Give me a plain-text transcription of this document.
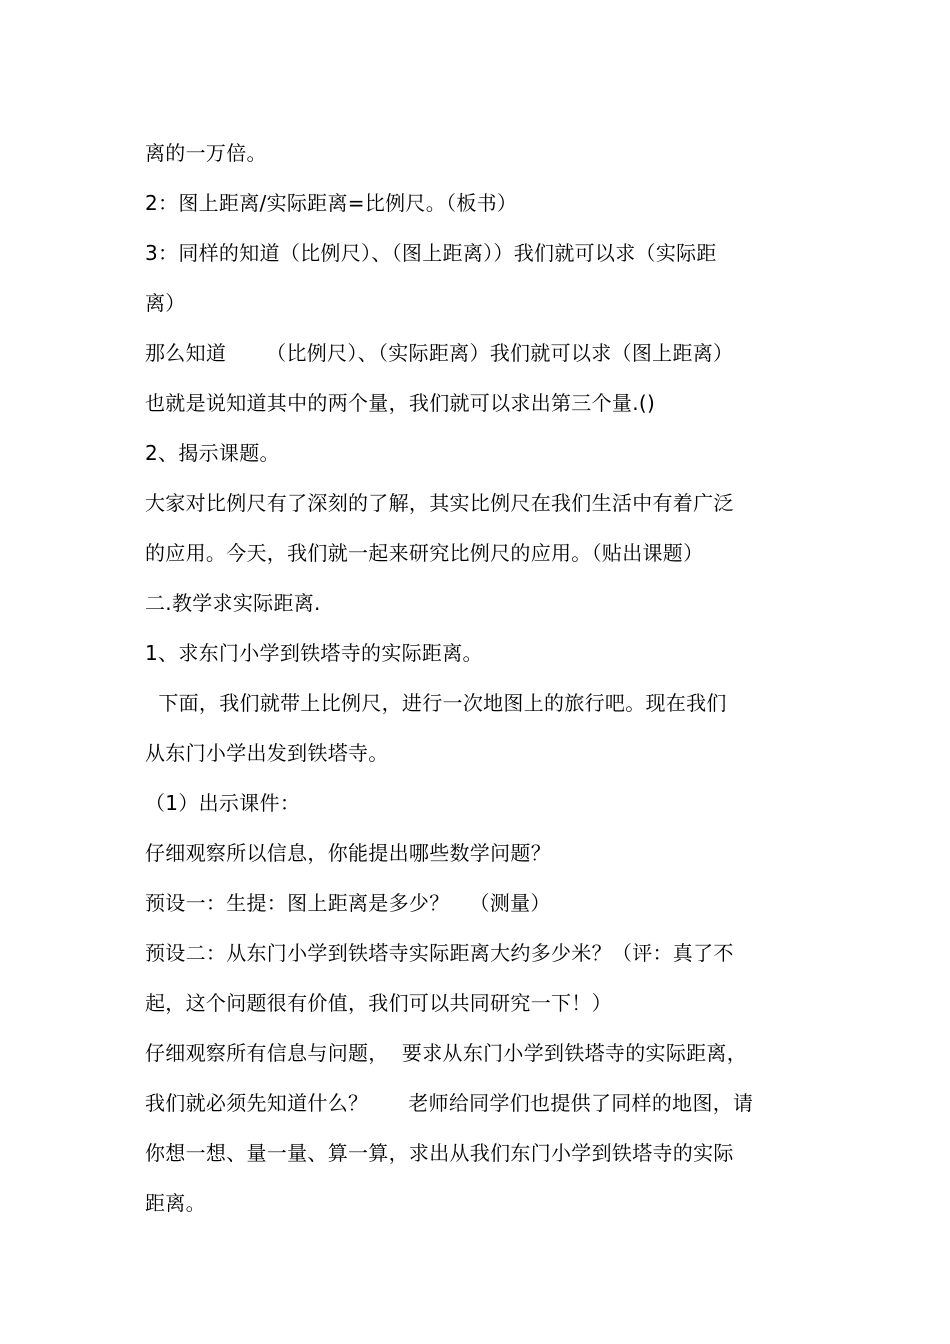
离的一万倍。
2：图上距离/实际距离=比例尺。（板书）
3：同样的知道（比例尺）、（图上距离））我们就可以求（实际距
离）
那么知道      （比例尺）、（实际距离）我们就可以求（图上距离）
也就是说知道其中的两个量，我们就可以求出第三个量.()
2、揭示课题。
大家对比例尺有了深刻的了解，其实比例尺在我们生活中有着广泛
的应用。今天，我们就一起来研究比例尺的应用。（贴出课题）
二.教学求实际距离.
1、求东门小学到铁塔寺的实际距离。
下面，我们就带上比例尺，进行一次地图上的旅行吧。现在我们
从东门小学出发到铁塔寺。
（1）出示课件：
仔细观察所以信息，你能提出哪些数学问题？
预设一：生提：图上距离是多少？   （测量）
预设二：从东门小学到铁塔寺实际距离大约多少米？（评：真了不
起，这个问题很有价值，我们可以共同研究一下！）
仔细观察所有信息与问题，  要求从东门小学到铁塔寺的实际距离，
我们就必须先知道什么？      老师给同学们也提供了同样的地图，请
你想一想、量一量、算一算，求出从我们东门小学到铁塔寺的实际
距离。
